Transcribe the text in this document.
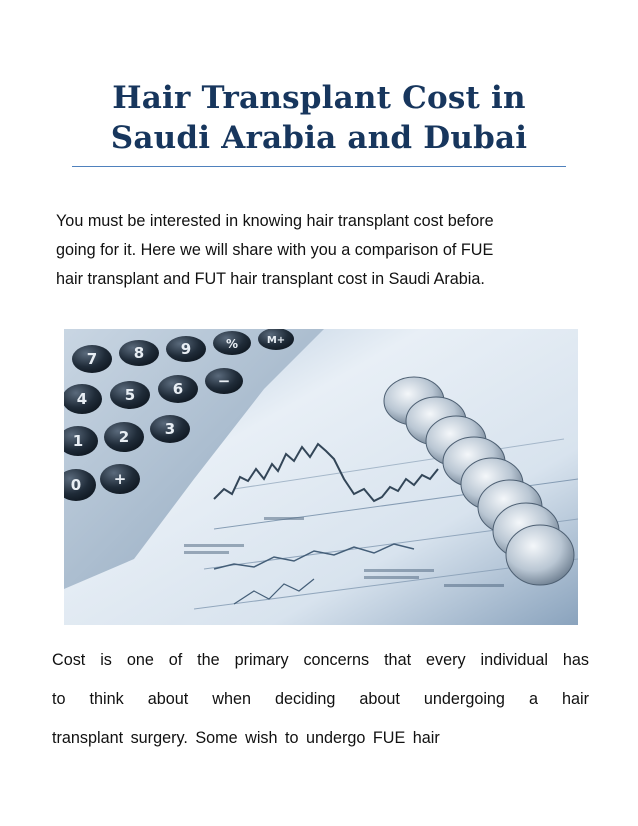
Hair Transplant Cost in
Saudi Arabia and Dubai
You must be interested in knowing hair transplant cost before
going for it. Here we will share with you a comparison of FUE
hair transplant and FUT hair transplant cost in Saudi Arabia.
7 8 9
4	5	6
1 2 3
0
M+
%
−
+
Cost is one of the primary concerns that every individual has
to think about when deciding about undergoing a hair
transplant surgery. Some wish to undergo FUE hair
